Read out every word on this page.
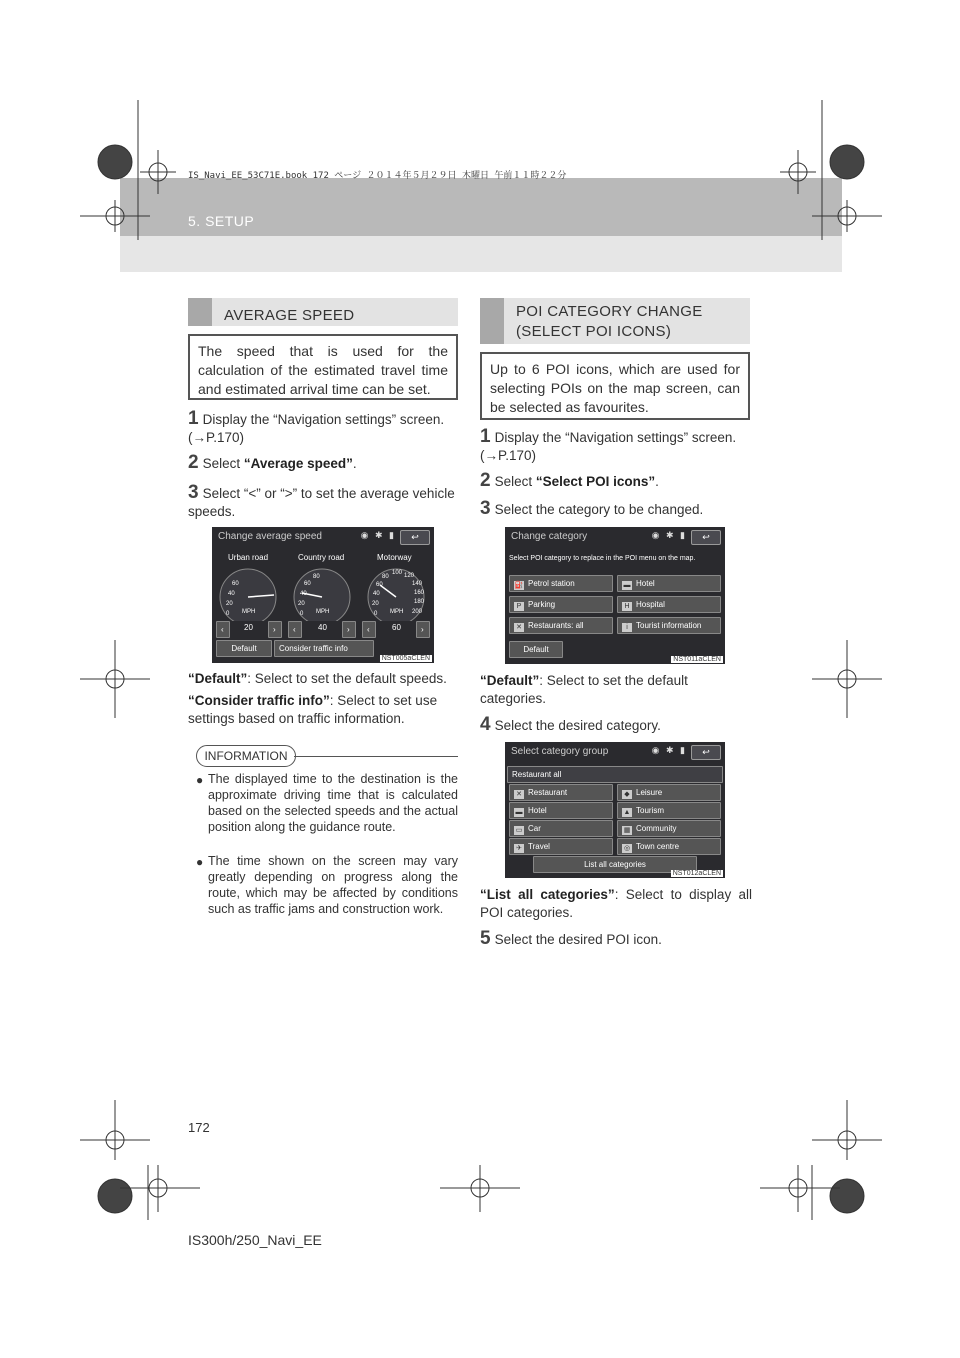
IS_Navi_EE_53C71E.book 172 ページ ２０１４年５月２９日 木曜日 午前１１時２２分
5. SETUP
AVERAGE SPEED
The speed that is used for the calculation of the estimated travel time and estimated arrival time can be set.
1 Display the “Navigation settings” screen. (→P.170)
2 Select “Average speed”.
3 Select “<” or “>” to set the average vehicle speeds.
Change average speed	◉ ✱ ▮	↩
Urban road	Country road	Motorway
0
20
40
60
0
20
40
60
80
0
20
40
60
80
100 120
140
160
180
200
MPH	MPH	MPH
‹	20	›	‹	40	›	‹	60	›
Default	Consider traffic info
NST005aCLEN
“Default”: Select to set the default speeds.
“Consider traffic info”: Select to set use settings based on traffic information.
INFORMATION
● The displayed time to the destination is the approximate driving time that is calculated based on the selected speeds and the actual position along the guidance route.
● The time shown on the screen may vary greatly depending on progress along the route, which may be affected by conditions such as traffic jams and construction work.
POI CATEGORY CHANGE
(SELECT POI ICONS)
Up to 6 POI icons, which are used for selecting POIs on the map screen, can be selected as favourites.
1 Display the “Navigation settings” screen. (→P.170)
2 Select “Select POI icons”.
3 Select the category to be changed.
Change category	◉ ✱ ▮	↩
Select POI category to replace in the POI menu on the map.
⛽ Petrol station	▬ Hotel
P Parking	H Hospital
✕ Restaurants: all	i Tourist information
Default
NST011aCLEN
“Default”: Select to set the default categories.
4 Select the desired category.
Select category group	◉ ✱ ▮	↩
Restaurant all
✕ Restaurant	◆ Leisure
▬ Hotel	▲ Tourism
▭ Car	▦ Community
✈ Travel	◎ Town centre
List all categories
NST012aCLEN
“List all categories”: Select to display all POI categories.
5 Select the desired POI icon.
172
IS300h/250_Navi_EE
